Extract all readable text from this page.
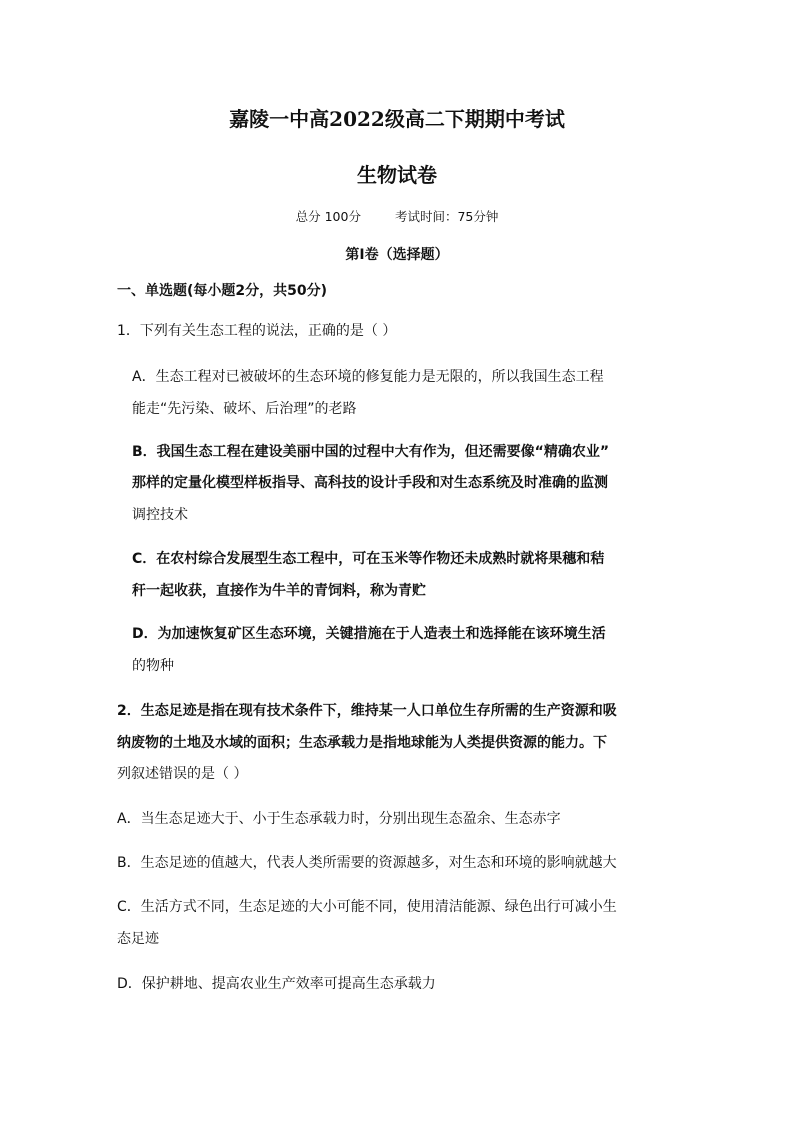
嘉陵一中高2022级高二下期期中考试
生物试卷
总分 100分	考试时间：75分钟
第Ⅰ卷（选择题）
一、单选题(每小题2分，共50分)
1．下列有关生态工程的说法，正确的是（ ）
A．生态工程对已被破坏的生态环境的修复能力是无限的，所以我国生态工程
能走“先污染、破坏、后治理”的老路
B．我国生态工程在建设美丽中国的过程中大有作为，但还需要像“精确农业”
那样的定量化模型样板指导、高科技的设计手段和对生态系统及时准确的监测
调控技术
C．在农村综合发展型生态工程中，可在玉米等作物还未成熟时就将果穗和秸
秆一起收获，直接作为牛羊的青饲料，称为青贮
D．为加速恢复矿区生态环境，关键措施在于人造表土和选择能在该环境生活
的物种
2．生态足迹是指在现有技术条件下，维持某一人口单位生存所需的生产资源和吸
纳废物的土地及水域的面积；生态承载力是指地球能为人类提供资源的能力。下
列叙述错误的是（ ）
A．当生态足迹大于、小于生态承载力时，分别出现生态盈余、生态赤字
B．生态足迹的值越大，代表人类所需要的资源越多，对生态和环境的影响就越大
C．生活方式不同，生态足迹的大小可能不同，使用清洁能源、绿色出行可减小生
态足迹
D．保护耕地、提高农业生产效率可提高生态承载力
